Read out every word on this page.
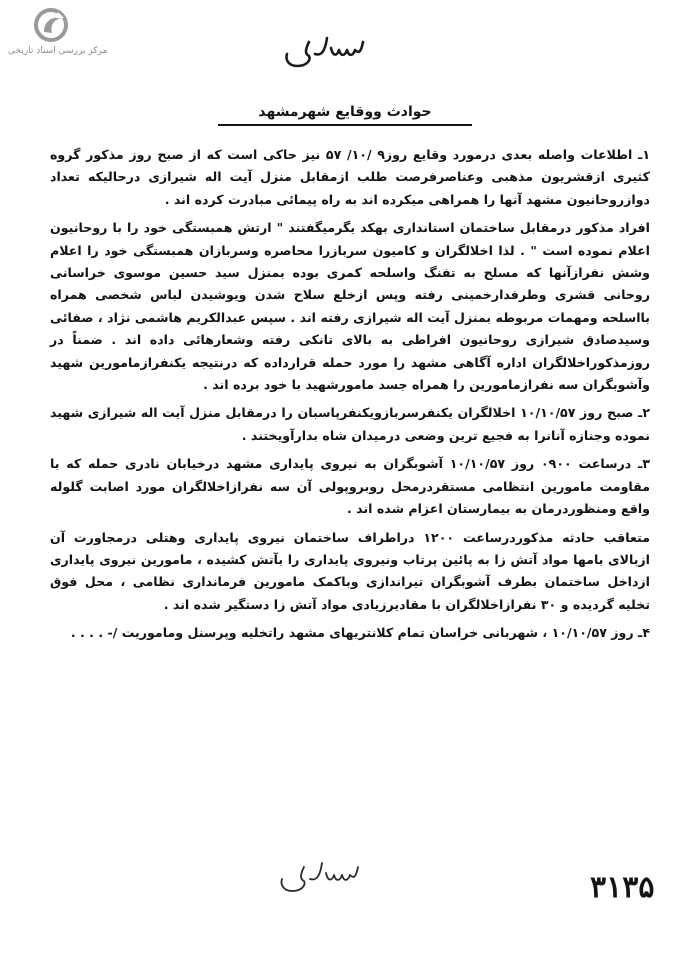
مرکز بررسی اسناد تاریخی
حوادث ووقایع شهرمشهد

۱ـ اطلاعات واصله بعدی درمورد وقایع روز۹ /۱۰/ ۵۷ نیز حاکی است که از صبح روز مذکور گروه کثیری ازقشریون مذهبی وعناصرفرصت طلب ازمقابل منزل آیت اله شیرازی درحالیکه تعداد دوازروحانیون مشهد آنها را همراهی میکرده اند به راه پیمائی مبادرت کرده اند .

افراد مذکور درمقابل ساختمان استانداری بهکد یگرمیگفتند " ارتش همبستگی خود را با روحانیون اعلام نموده است " . لذا اخلالگران و کامیون سربازرا محاصره وسربازان همبستگی خود را اعلام وشش نفرازآنها که مسلح به تفنگ واسلحه کمری بوده بمنزل سید حسین موسوی خراسانی روحانی قشری وطرفدارخمینی رفته وپس ازخلع سلاح شدن ویوشیدن لباس شخصی همراه بااسلحه ومهمات مربوطه بمنزل آیت اله شیرازی رفته اند . سپس عبدالکریم هاشمی نژاد ، صفائی وسیدصادق شیرازی روحانیون افراطی به بالای تانکی رفته وشعارهائی داده اند . ضمناً در روزمذکوراخلالگران اداره آگاهی مشهد را مورد حمله قرارداده که درنتیجه یکنفرازمامورین شهید وآشوبگران سه نفرازمامورین را همراه جسد مامورشهید با خود برده اند .

۲ـ صبح روز ۱۰/۱۰/۵۷ اخلالگران یکنفرسربازویکنفرپاسبان را درمقابل منزل آیت اله شیرازی شهید نموده وجنازه آنانرا به فجیع ترین وضعی درمیدان شاه بدارآویختند .

۳ـ درساعت ۰۹۰۰ روز ۱۰/۱۰/۵۷ آشوبگران به نیروی پایداری مشهد درخیابان نادری حمله که با مقاومت مامورین انتظامی مستقردرمحل روبروپولی آن سه نفرازاخلالگران مورد اصابت گلوله واقع ومنظوردرمان به بیمارستان اعزام شده اند .

متعاقب حادثه مذکوردرساعت ۱۲۰۰ دراطراف ساختمان نیروی پایداری وهتلی درمجاورت آن ازبالای بامها مواد آتش زا به پائین پرتاب ونیروی پایداری را بآتش کشیده ، مامورین نیروی پایداری ازداخل ساختمان بطرف آشوبگران تیراندازی وباکمک مامورین فرمانداری نظامی ، محل فوق تخلیه گردیده و ۳۰ نفرازاخلالگران با مقادیرزیادی مواد آتش زا دستگیر شده اند .

۴ـ روز ۱۰/۱۰/۵۷ ، شهربانی خراسان تمام کلانتریهای مشهد راتخلیه وپرسنل وماموریت /- . . . .

۳۱۳۵
